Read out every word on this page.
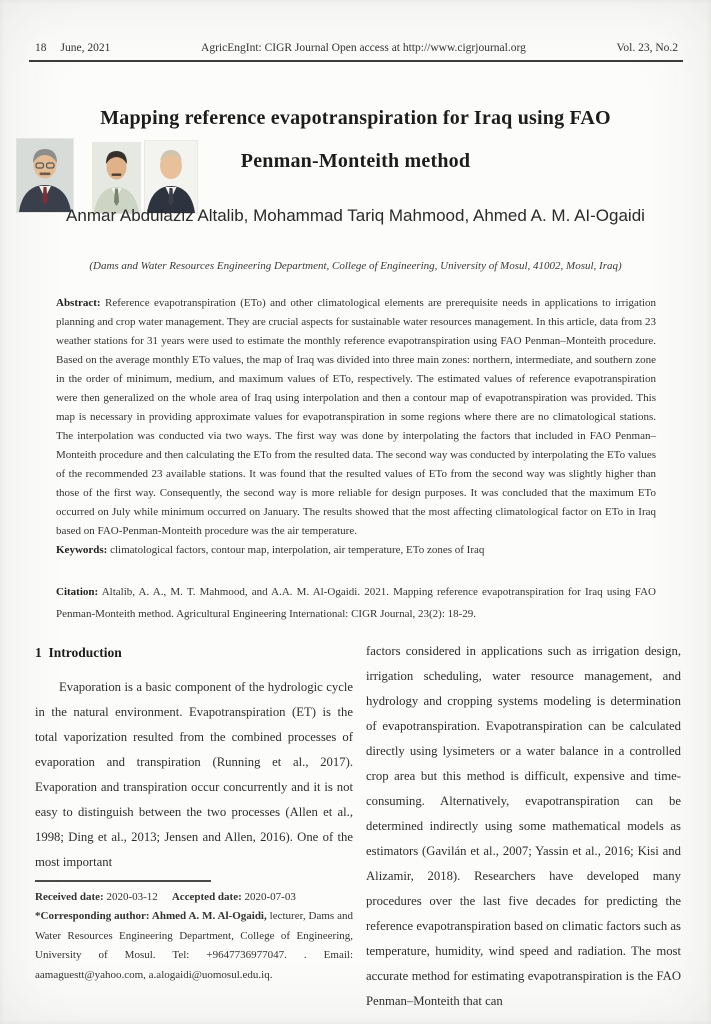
18 June, 2021	AgricEngInt: CIGR Journal Open access at http://www.cigrjournal.org	Vol. 23, No.2
Mapping reference evapotranspiration for Iraq using FAO
Penman-Monteith method
Anmar Abdulaziz Altalib, Mohammad Tariq Mahmood, Ahmed A. M. AI-Ogaidi
(Dams and Water Resources Engineering Department, College of Engineering, University of Mosul, 41002, Mosul, Iraq)
Abstract: Reference evapotranspiration (ETo) and other climatological elements are prerequisite needs in applications to irrigation planning and crop water management. They are crucial aspects for sustainable water resources management. In this article, data from 23 weather stations for 31 years were used to estimate the monthly reference evapotranspiration using FAO Penman–Monteith procedure. Based on the average monthly ETo values, the map of Iraq was divided into three main zones: northern, intermediate, and southern zone in the order of minimum, medium, and maximum values of ETo, respectively. The estimated values of reference evapotranspiration were then generalized on the whole area of Iraq using interpolation and then a contour map of evapotranspiration was provided. This map is necessary in providing approximate values for evapotranspiration in some regions where there are no climatological stations. The interpolation was conducted via two ways. The first way was done by interpolating the factors that included in FAO Penman–Monteith procedure and then calculating the ETo from the resulted data. The second way was conducted by interpolating the ETo values of the recommended 23 available stations. It was found that the resulted values of ETo from the second way was slightly higher than those of the first way. Consequently, the second way is more reliable for design purposes. It was concluded that the maximum ETo occurred on July while minimum occurred on January. The results showed that the most affecting climatological factor on ETo in Iraq based on FAO-Penman-Monteith procedure was the air temperature.
Keywords: climatological factors, contour map, interpolation, air temperature, ETo zones of Iraq
Citation: Altalib, A. A., M. T. Mahmood, and A.A. M. Al-Ogaidi. 2021. Mapping reference evapotranspiration for Iraq using FAO Penman-Monteith method. Agricultural Engineering International: CIGR Journal, 23(2): 18-29.
1  Introduction

Evaporation is a basic component of the hydrologic cycle in the natural environment. Evapotranspiration (ET) is the total vaporization resulted from the combined processes of evaporation and transpiration (Running et al., 2017). Evaporation and transpiration occur concurrently and it is not easy to distinguish between the two processes (Allen et al., 1998; Ding et al., 2013; Jensen and Allen, 2016). One of the most important

Received date: 2020-03-12 Accepted date: 2020-07-03

*Corresponding author: Ahmed A. M. Al-Ogaidi, lecturer, Dams and Water Resources Engineering Department, College of Engineering, University of Mosul. Tel: +9647736977047. . Email: aamaguestt@yahoo.com, a.alogaidi@uomosul.edu.iq.

factors considered in applications such as irrigation design, irrigation scheduling, water resource management, and hydrology and cropping systems modeling is determination of evapotranspiration. Evapotranspiration can be calculated directly using lysimeters or a water balance in a controlled crop area but this method is difficult, expensive and time-consuming. Alternatively, evapotranspiration can be determined indirectly using some mathematical models as estimators (Gavilán et al., 2007; Yassin et al., 2016; Kisi and Alizamir, 2018). Researchers have developed many procedures over the last five decades for predicting the reference evapotranspiration based on climatic factors such as temperature, humidity, wind speed and radiation. The most accurate method for estimating evapotranspiration is the FAO Penman–Monteith that can
